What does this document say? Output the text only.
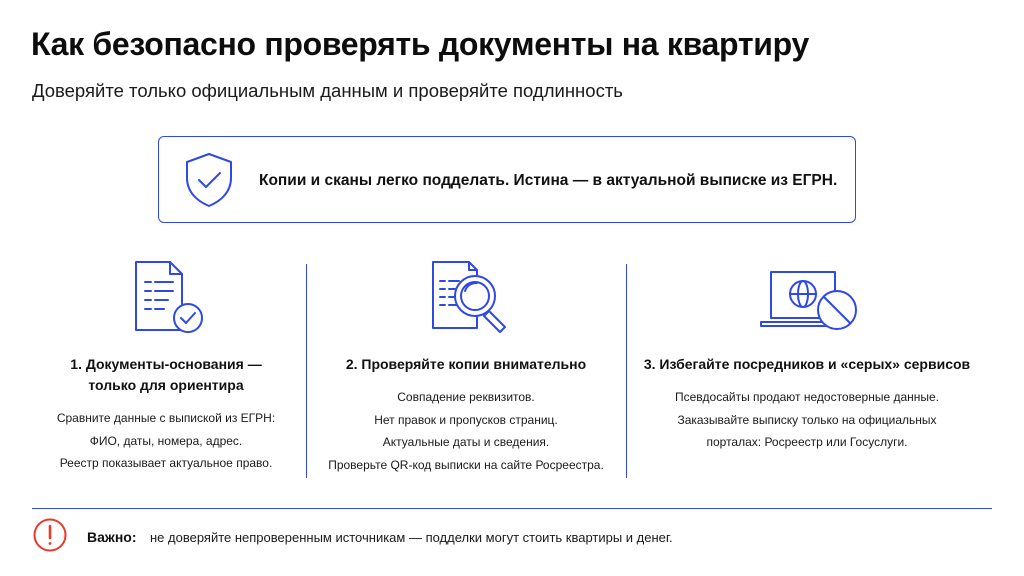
Как безопасно проверять документы на квартиру

Доверяйте только официальным данным и проверяйте подлинность

Копии и сканы легко подделать. Истина — в актуальной выписке из ЕГРН.
1. Документы-основания —
только для ориентира
Сравните данные с выпиской из ЕГРН:
ФИО, даты, номера, адрес.
Реестр показывает актуальное право.
2. Проверяйте копии внимательно
Совпадение реквизитов.
Нет правок и пропусков страниц.
Актуальные даты и сведения.
Проверьте QR-код выписки на сайте Росреестра.
3. Избегайте посредников и «серых» сервисов
Псевдосайты продают недостоверные данные.
Заказывайте выписку только на официальных
порталах: Росреестр или Госуслуги.
Важно: не доверяйте непроверенным источникам — подделки могут стоить квартиры и денег.
